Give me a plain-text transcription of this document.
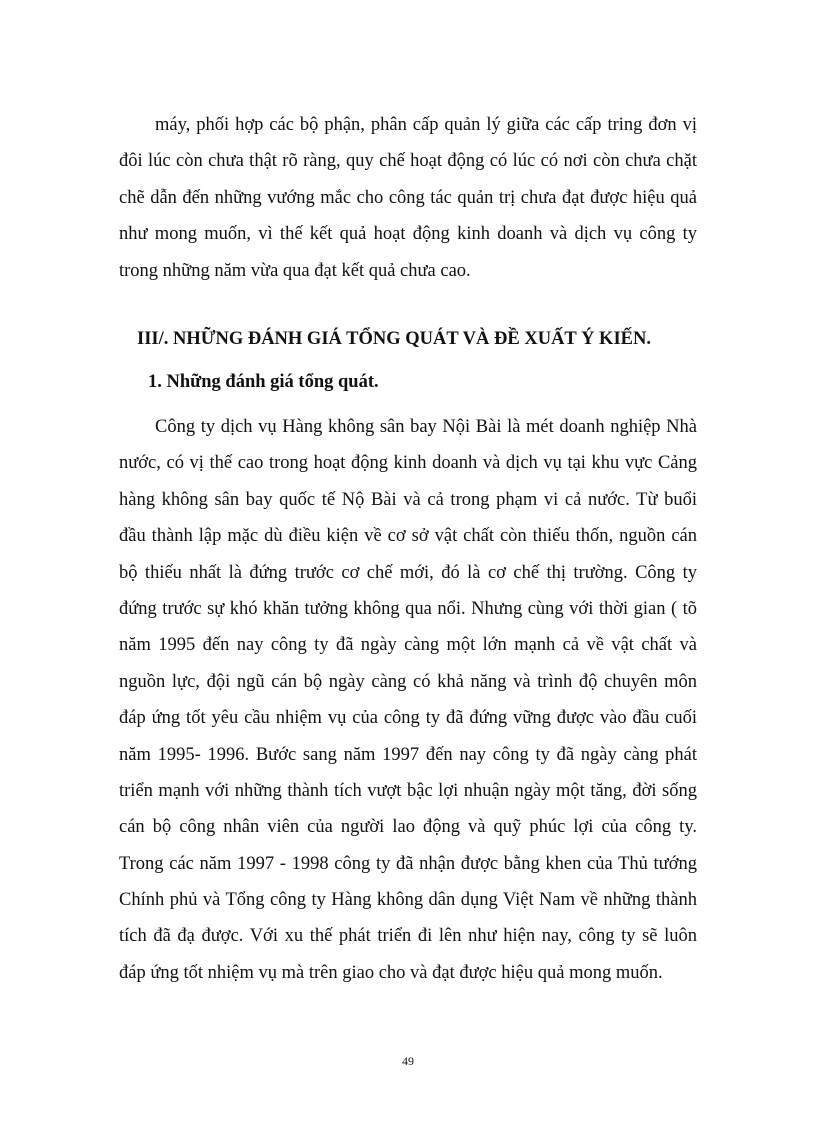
máy, phối hợp các bộ phận, phân cấp quản lý giữa các cấp tring đơn vị

đôi lúc còn chưa thật rõ ràng, quy chế hoạt động có lúc có nơi còn chưa chặt

chẽ dẫn đến những vướng mắc cho công tác quản trị chưa đạt được hiệu quả

như mong muốn, vì thế kết quả hoạt động kinh doanh và dịch vụ công ty

trong những năm vừa qua đạt kết quả chưa cao.

III/. NHỮNG ĐÁNH GIÁ TỔNG QUÁT VÀ ĐỀ XUẤT Ý KIẾN.

1. Những đánh giá tổng quát.

Công ty dịch vụ Hàng không sân bay Nội Bài là mét doanh nghiệp Nhà

nước, có vị thế cao trong hoạt động kinh doanh và dịch vụ tại khu vực Cảng

hàng không sân bay quốc tế Nộ Bài và cả trong phạm vi cả nước. Từ buổi

đầu thành lập mặc dù điều kiện về cơ sở vật chất còn thiếu thốn, nguồn cán

bộ thiếu nhất là đứng trước cơ chế mới, đó là cơ chế thị trường. Công ty

đứng trước sự khó khăn tưởng không qua nổi. Nhưng cùng với thời gian ( tõ

năm 1995 đến nay công ty đã ngày càng một lớn mạnh cả về vật chất và

nguồn lực, đội ngũ cán bộ ngày càng có khả năng và trình độ chuyên môn

đáp ứng tốt yêu cầu nhiệm vụ của công ty đã đứng vững được vào đầu cuối

năm 1995- 1996. Bước sang năm 1997 đến nay công ty đã ngày càng phát

triển mạnh với những thành tích vượt bậc lợi nhuận ngày một tăng, đời sống

cán bộ công nhân viên của người lao động và quỹ phúc lợi của công ty.

Trong các năm 1997 - 1998 công ty đã nhận được bằng khen của Thủ tướng

Chính phủ và Tổng công ty Hàng không dân dụng Việt Nam về những thành

tích đã đạ được. Với xu thế phát triển đi lên như hiện nay, công ty sẽ luôn

đáp ứng tốt nhiệm vụ mà trên giao cho và đạt được hiệu quả mong muốn.

49
